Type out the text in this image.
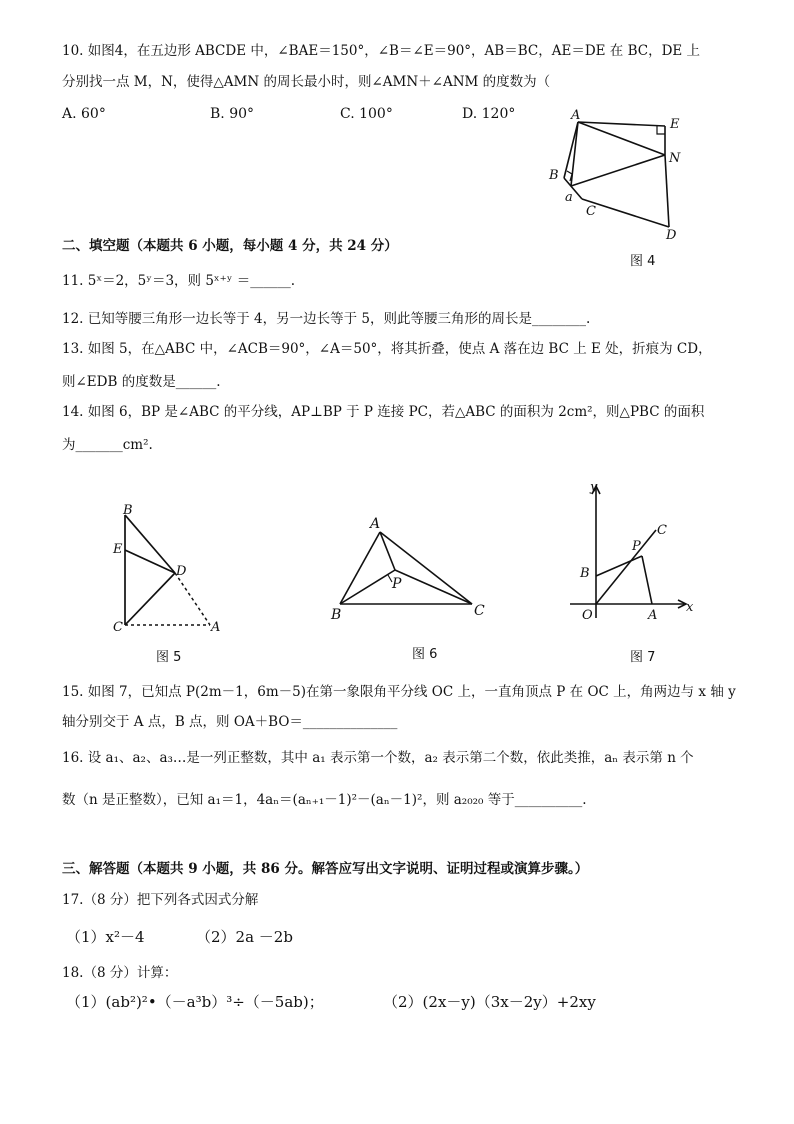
10. 如图4，在五边形 ABCDE 中，∠BAE＝150°，∠B＝∠E＝90°，AB＝BC，AE＝DE 在 BC，DE 上
分别找一点 M，N，使得△AMN 的周长最小时，则∠AMN＋∠ANM 的度数为（
A. 60°	B. 90°	C. 100°	D. 120°	A
E
N
B
a
C
D
图 4
二、填空题（本题共 6 小题，每小题 4 分，共 24 分）
11. 5ˣ＝2，5ʸ＝3，则 5ˣ⁺ʸ ＝______.
12. 已知等腰三角形一边长等于 4，另一边长等于 5，则此等腰三角形的周长是________.
13. 如图 5，在△ABC 中，∠ACB＝90°，∠A＝50°，将其折叠，使点 A 落在边 BC 上 E 处，折痕为 CD，
则∠EDB 的度数是______.
14. 如图 6，BP 是∠ABC 的平分线，AP⊥BP 于 P 连接 PC，若△ABC 的面积为 2cm²，则△PBC 的面积
为_______cm².
B
E
D
C	A
图 5
A
P
B	C
图 6
y
x
O	A
B
P
C
图 7
15. 如图 7，已知点 P(2m－1，6m－5)在第一象限角平分线 OC 上，一直角顶点 P 在 OC 上，角两边与 x 轴 y
轴分别交于 A 点，B 点，则 OA＋BO＝______________
16. 设 a₁、a₂、a₃…是一列正整数，其中 a₁ 表示第一个数，a₂ 表示第二个数，依此类推，aₙ 表示第 n 个
数（n 是正整数），已知 a₁＝1，4aₙ＝(aₙ₊₁－1)²－(aₙ－1)²，则 a₂₀₂₀ 等于__________.
三、解答题（本题共 9 小题，共 86 分。解答应写出文字说明、证明过程或演算步骤。）
17.（8 分）把下列各式因式分解
（1）x²－4	（2）2a －2b
18.（8 分）计算：
（1）(ab²)²•（－a³b）³÷（－5ab)；	（2）(2x－y)（3x－2y）+2xy
